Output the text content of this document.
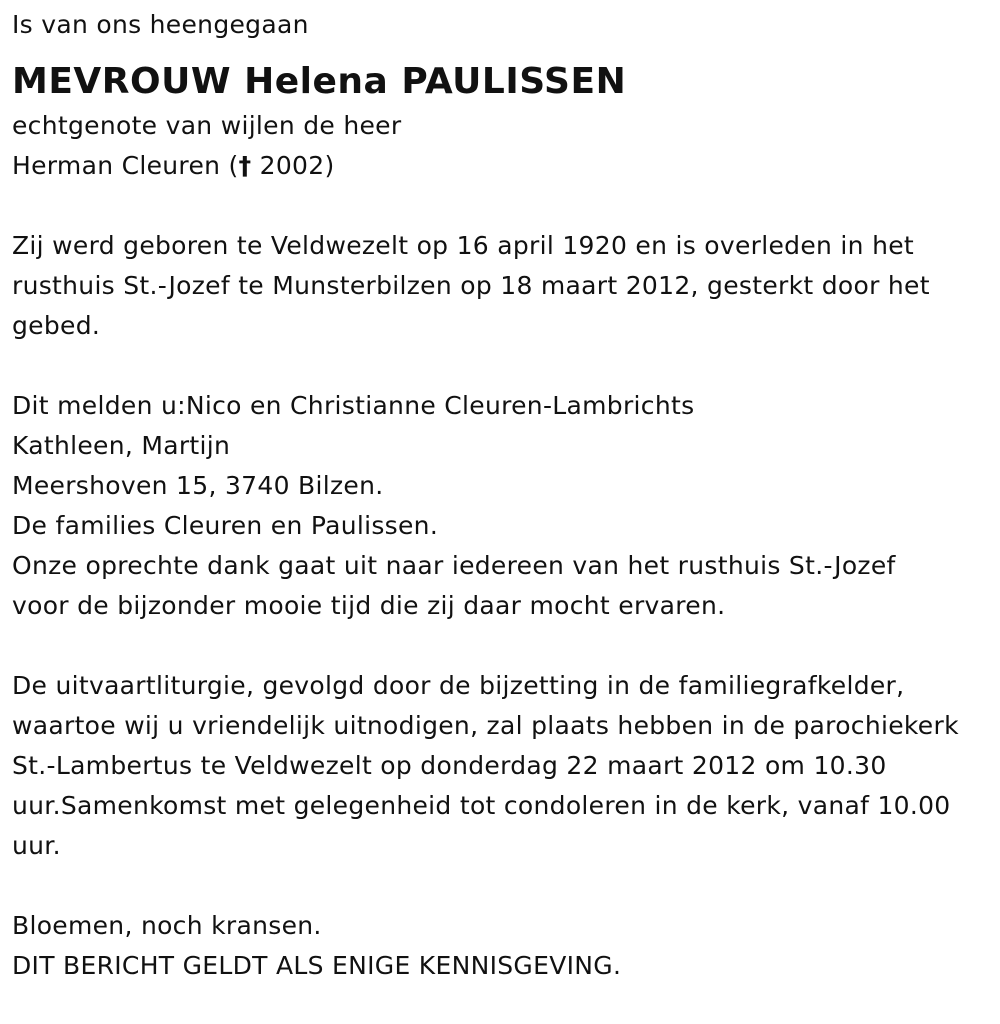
Is van ons heengegaan
MEVROUW Helena PAULISSEN
echtgenote van wijlen de heer
Herman Cleuren († 2002)
Zij werd geboren te Veldwezelt op 16 april 1920 en is overleden in het
rusthuis St.-Jozef te Munsterbilzen op 18 maart 2012, gesterkt door het
gebed.
Dit melden u:Nico en Christianne Cleuren-Lambrichts
Kathleen, Martijn
Meershoven 15, 3740 Bilzen.
De families Cleuren en Paulissen.
Onze oprechte dank gaat uit naar iedereen van het rusthuis St.-Jozef
voor de bijzonder mooie tijd die zij daar mocht ervaren.
De uitvaartliturgie, gevolgd door de bijzetting in de familiegrafkelder,
waartoe wij u vriendelijk uitnodigen, zal plaats hebben in de parochiekerk
St.-Lambertus te Veldwezelt op donderdag 22 maart 2012 om 10.30
uur.Samenkomst met gelegenheid tot condoleren in de kerk, vanaf 10.00
uur.
Bloemen, noch kransen.
DIT BERICHT GELDT ALS ENIGE KENNISGEVING.
